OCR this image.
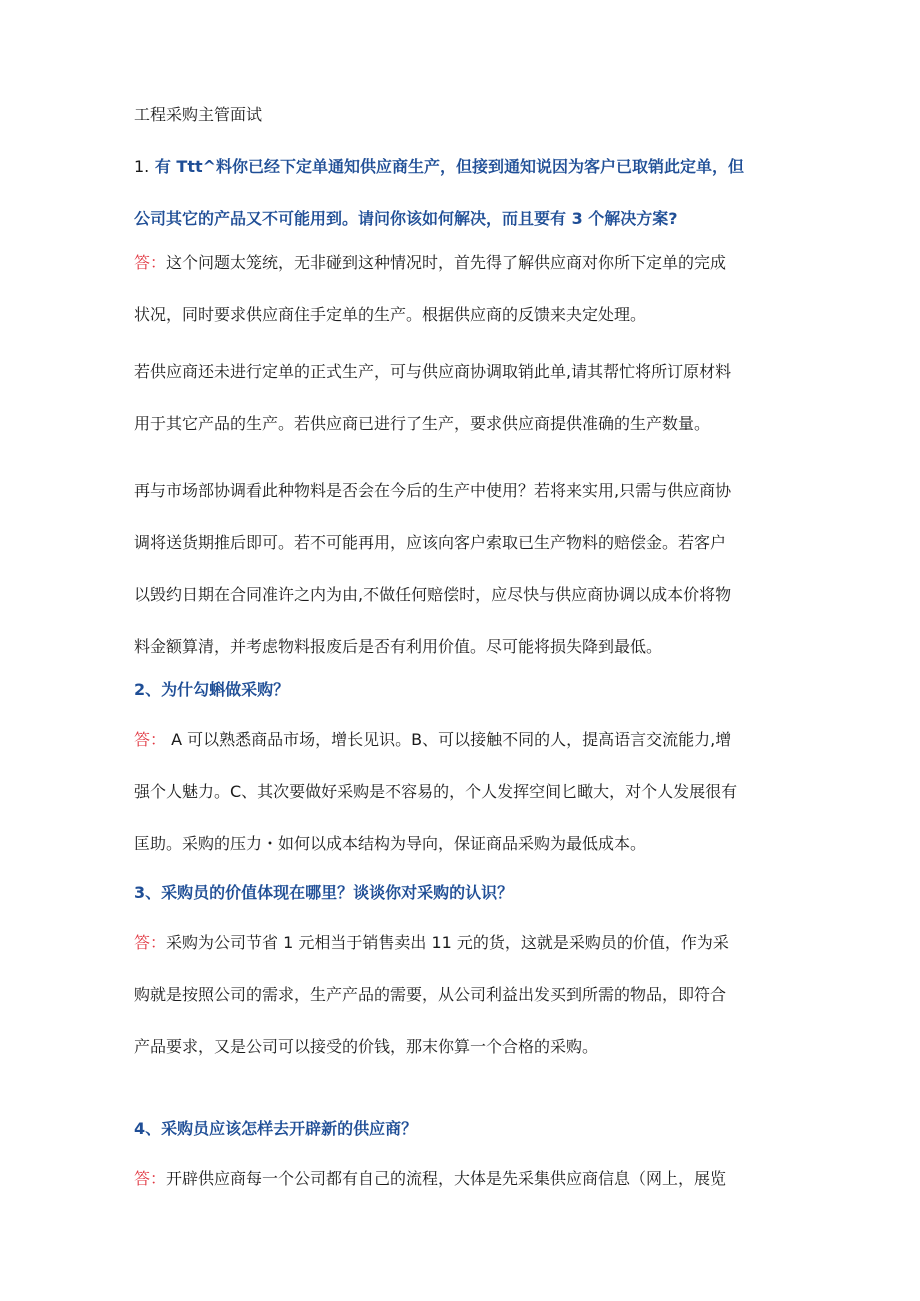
工程采购主管面试
1. 有 Ttt^料你已经下定单通知供应商生产，但接到通知说因为客户已取销此定单，但
公司其它的产品又不可能用到。请问你该如何解决，而且要有 3 个解决方案?
答：这个问题太笼统，无非碰到这种情况时，首先得了解供应商对你所下定单的完成
状况，同时要求供应商住手定单的生产。根据供应商的反馈来夬定处理。
若供应商还未进行定单的正式生产，可与供应商协调取销此单,请其帮忙将所订原材料
用于其它产品的生产。若供应商已进行了生产，要求供应商提供准确的生产数量。
再与市场部协调看此种物料是否会在今后的生产中使用？若将来实用,只需与供应商协
调将送货期推后即可。若不可能再用，应该向客户索取已生产物料的赔偿金。若客户
以毁约日期在合同准许之内为由,不做任何赔偿时，应尽快与供应商协调以成本价将物
料金额算清，并考虑物料报废后是否有利用价值。尽可能将损失降到最低。
2、为什勾蝌做采购？
答： A 可以熟悉商品市场，增长见识。B、可以接触不同的人，提高语言交流能力,增
强个人魅力。C、其次要做好采购是不容易的，个人发挥空间匕瞰大，对个人发展很有
匡助。采购的压力・如何以成本结构为导向，保证商品采购为最低成本。
3、采购员的价值体现在哪里？谈谈你对采购的认识？
答：采购为公司节省 1 元相当于销售卖出 11 元的货，这就是采购员的价值，作为采
购就是按照公司的需求，生产产品的需要，从公司利益出发买到所需的物品，即符合
产品要求，又是公司可以接受的价钱，那末你算一个合格的采购。
4、采购员应该怎样去开辟新的供应商？
答：开辟供应商每一个公司都有自己的流程，大体是先采集供应商信息（网上，展览
